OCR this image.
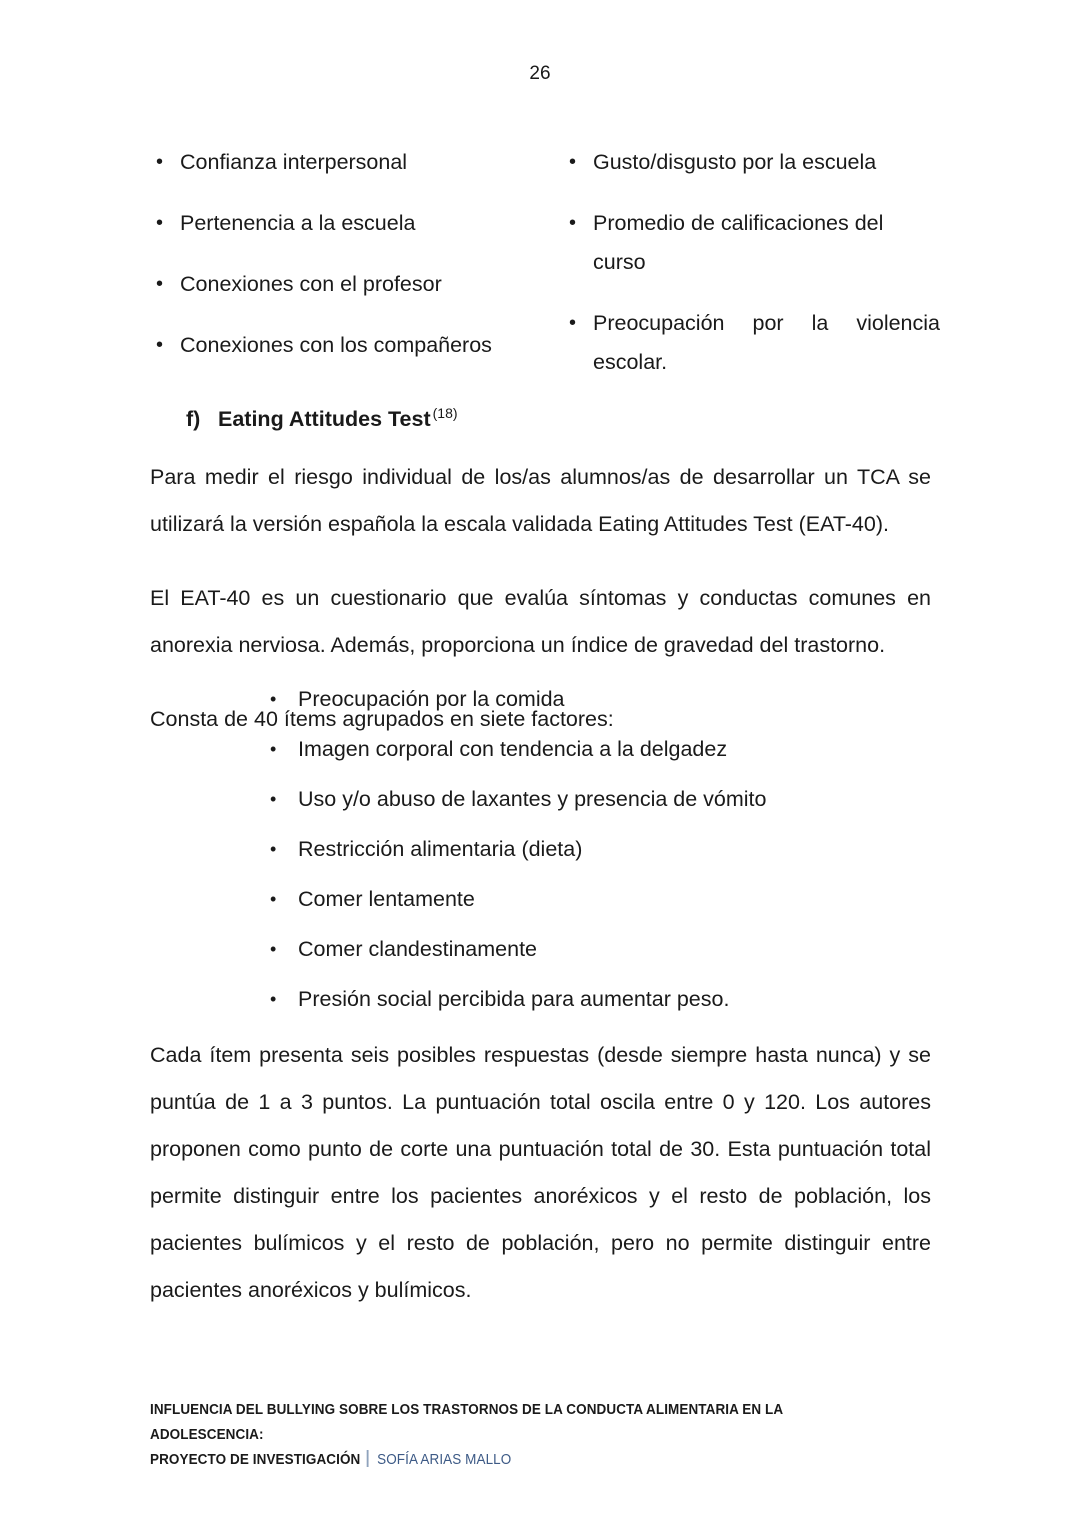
26
• Confianza interpersonal
• Pertenencia a la escuela
• Conexiones con el profesor
• Conexiones con los compañeros
• Gusto/disgusto por la escuela
• Promedio de calificaciones del curso
• Preocupación por la violencia escolar.
f) Eating Attitudes Test $^{(18)}$

Para medir el riesgo individual de los/as alumnos/as de desarrollar un TCA se utilizará la versión española la escala validada Eating Attitudes Test (EAT-40).

El EAT-40 es un cuestionario que evalúa síntomas y conductas comunes en anorexia nerviosa. Además, proporciona un índice de gravedad del trastorno.

Consta de 40 ítems agrupados en siete factores:

• Preocupación por la comida
• Imagen corporal con tendencia a la delgadez
• Uso y/o abuso de laxantes y presencia de vómito
• Restricción alimentaria (dieta)
• Comer lentamente
• Comer clandestinamente
• Presión social percibida para aumentar peso.

Cada ítem presenta seis posibles respuestas (desde siempre hasta nunca) y se puntúa de 1 a 3 puntos. La puntuación total oscila entre 0 y 120. Los autores proponen como punto de corte una puntuación total de 30. Esta puntuación total permite distinguir entre los pacientes anoréxicos y el resto de población, los pacientes bulímicos y el resto de población, pero no permite distinguir entre pacientes anoréxicos y bulímicos.

INFLUENCIA DEL BULLYING SOBRE LOS TRASTORNOS DE LA CONDUCTA ALIMENTARIA EN LA ADOLESCENCIA:
PROYECTO DE INVESTIGACIÓN SOFÍA ARIAS MALLO
